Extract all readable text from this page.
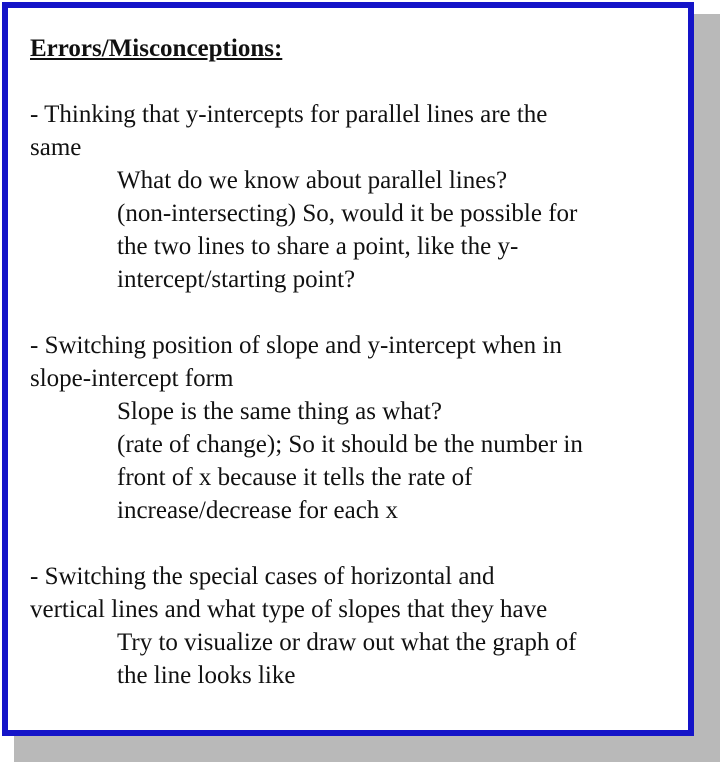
Errors/Misconceptions:
- Thinking that y-intercepts for parallel lines are the
same
What do we know about parallel lines?
(non-intersecting) So, would it be possible for
the two lines to share a point, like the y-
intercept/starting point?
- Switching position of slope and y-intercept when in
slope-intercept form
Slope is the same thing as what?
(rate of change); So it should be the number in
front of x because it tells the rate of
increase/decrease for each x
- Switching the special cases of horizontal and
vertical lines and what type of slopes that they have
Try to visualize or draw out what the graph of
the line looks like
